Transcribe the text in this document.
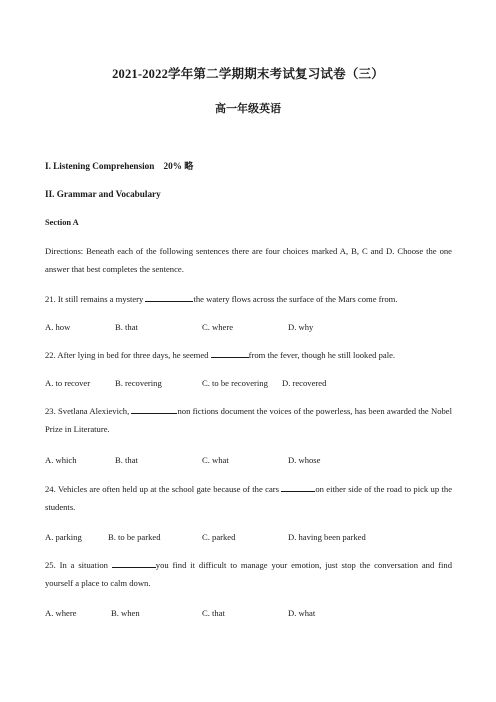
2021-2022学年第二学期期末考试复习试卷（三）
高一年级英语
I. Listening Comprehension　20% 略
II. Grammar and Vocabulary
Section A
Directions: Beneath each of the following sentences there are four choices marked A, B, C and D. Choose the one answer that best completes the sentence.
21. It still remains a mystery	the watery flows across the surface of the Mars come from.
A. how	B. that	C. where	D. why
22. After lying in bed for three days, he seemed	from the fever, though he still looked pale.
A. to recover	B. recovering	C. to be recovering D. recovered
23. Svetlana Alexievich,	non fictions document the voices of the powerless, has been awarded the Nobel Prize in Literature.
A. which	B. that	C. what	D. whose
24. Vehicles are often held up at the school gate because of the cars	on either side of the road to pick up the students.
A. parking	B. to be parked	C. parked	D. having been parked
25. In a situation	you find it difficult to manage your emotion, just stop the conversation and find yourself a place to calm down.
A. where	B. when	C. that	D. what
